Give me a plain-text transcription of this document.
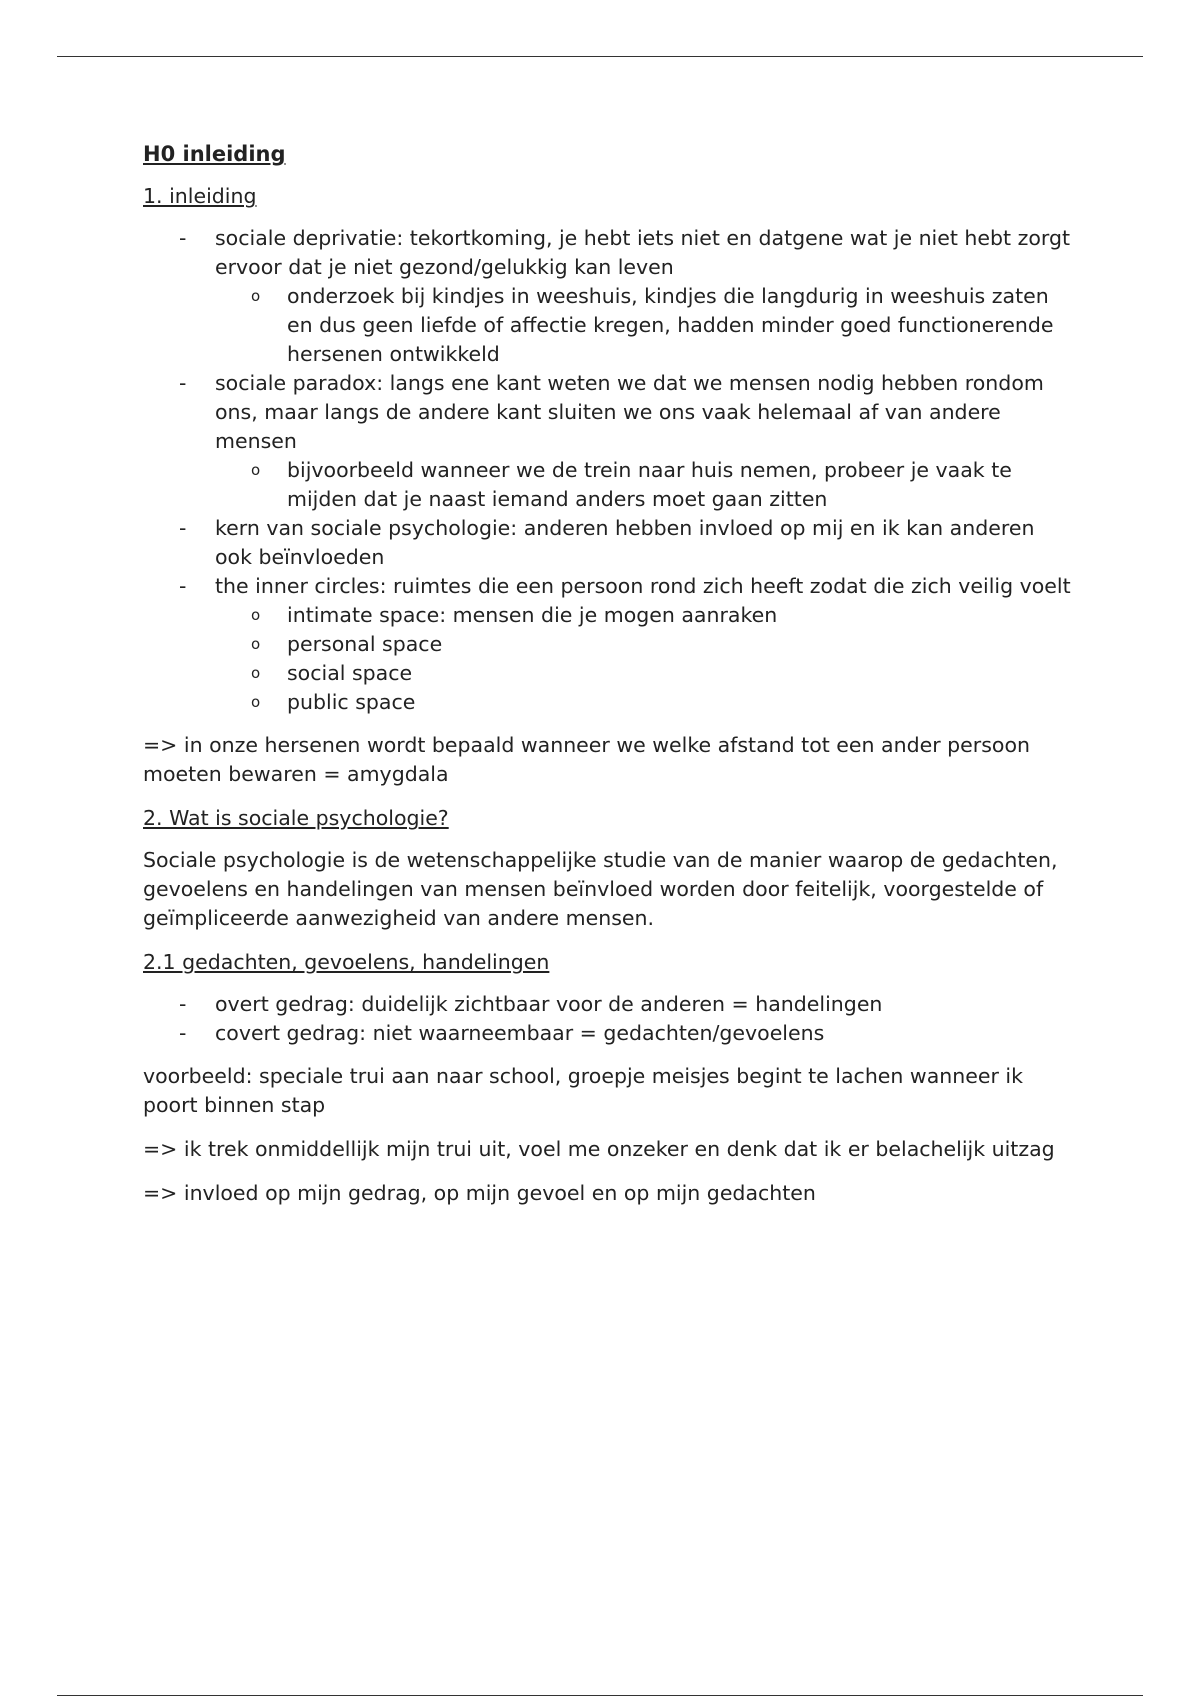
H0 inleiding
1. inleiding
- sociale deprivatie: tekortkoming, je hebt iets niet en datgene wat je niet hebt zorgt ervoor dat je niet gezond/gelukkig kan leven
o onderzoek bij kindjes in weeshuis, kindjes die langdurig in weeshuis zaten en dus geen liefde of affectie kregen, hadden minder goed functionerende hersenen ontwikkeld
- sociale paradox: langs ene kant weten we dat we mensen nodig hebben rondom ons, maar langs de andere kant sluiten we ons vaak helemaal af van andere mensen
o bijvoorbeeld wanneer we de trein naar huis nemen, probeer je vaak te mijden dat je naast iemand anders moet gaan zitten
- kern van sociale psychologie: anderen hebben invloed op mij en ik kan anderen ook beïnvloeden
- the inner circles: ruimtes die een persoon rond zich heeft zodat die zich veilig voelt
o intimate space: mensen die je mogen aanraken
o personal space
o social space
o public space

=> in onze hersenen wordt bepaald wanneer we welke afstand tot een ander persoon moeten bewaren = amygdala

2. Wat is sociale psychologie?

Sociale psychologie is de wetenschappelijke studie van de manier waarop de gedachten, gevoelens en handelingen van mensen beïnvloed worden door feitelijk, voorgestelde of geïmpliceerde aanwezigheid van andere mensen.

2.1 gedachten, gevoelens, handelingen
- overt gedrag: duidelijk zichtbaar voor de anderen = handelingen
- covert gedrag: niet waarneembaar = gedachten/gevoelens

voorbeeld: speciale trui aan naar school, groepje meisjes begint te lachen wanneer ik poort binnen stap

=> ik trek onmiddellijk mijn trui uit, voel me onzeker en denk dat ik er belachelijk uitzag

=> invloed op mijn gedrag, op mijn gevoel en op mijn gedachten
